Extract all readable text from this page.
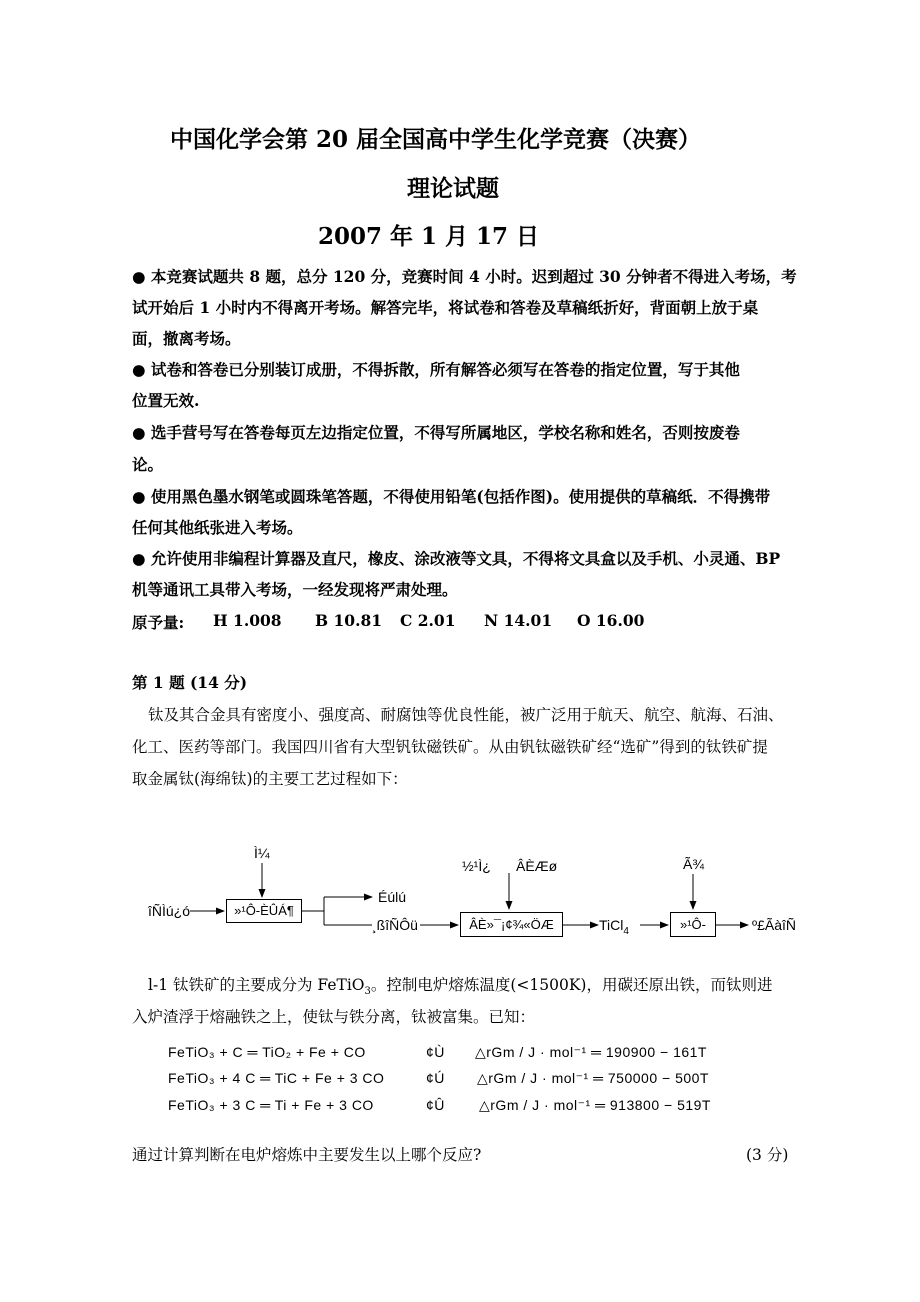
中国化学会第 20 届全国高中学生化学竞赛（决赛）
理论试题
2007 年 1 月 17 日
● 本竞赛试题共 8 题，总分 120 分，竞赛时间 4 小时。迟到超过 30 分钟者不得进入考场，考
试开始后 1 小时内不得离开考场。解答完毕，将试卷和答卷及草稿纸折好，背面朝上放于桌
面，撤离考场。
● 试卷和答卷已分别装订成册，不得拆散，所有解答必须写在答卷的指定位置，写于其他
位置无效.
● 选手营号写在答卷每页左边指定位置，不得写所属地区，学校名称和姓名，否则按废卷
论。
● 使用黑色墨水钢笔或圆珠笔答题，不得使用铅笔(包括作图)。使用提供的草稿纸．不得携带
任何其他纸张进入考场。
● 允许使用非编程计算器及直尺，橡皮、涂改液等文具，不得将文具盒以及手机、小灵通、BP
机等通讯工具带入考场，一经发现将严肃处理。
原予量: H 1.008 B 10.81 C 2.01 N 14.01 O 16.00
第 1 题 (14 分)
钛及其合金具有密度小、强度高、耐腐蚀等优良性能，被广泛用于航天、航空、航海、石油、
化工、医药等部门。我国四川省有大型钒钛磁铁矿。从由钒钛磁铁矿经“选矿”得到的钛铁矿提
取金属钛(海绵钛)的主要工艺过程如下：
Ì¼
îÑÌú¿ó	»¹Ô-ÈÛÁ¶
Éúlú
¸ßîÑÔü
½¹Ì¿ ÂÈÆø
ÂÈ»¯¡¢¾«ÖÆ	TiCl$_4$
Ã¾
»¹Ô-	º£ÃàîÑ
l-1 钛铁矿的主要成分为 FeTiO$_3$。控制电炉熔炼温度(<1500K)，用碳还原出铁，而钛则进
入炉渣浮于熔融铁之上，使钛与铁分离，钛被富集。已知：
FeTiO₃ + C ═ TiO₂ + Fe + CO	¢Ù △rGm / J · mol⁻¹ ═ 190900 − 161T
FeTiO₃ + 4 C ═ TiC + Fe + 3 CO	¢Ú △rGm / J · mol⁻¹ ═ 750000 − 500T
FeTiO₃ + 3 C ═ Ti + Fe + 3 CO	¢Û △rGm / J · mol⁻¹ ═ 913800 − 519T
通过计算判断在电炉熔炼中主要发生以上哪个反应?	(3 分)
